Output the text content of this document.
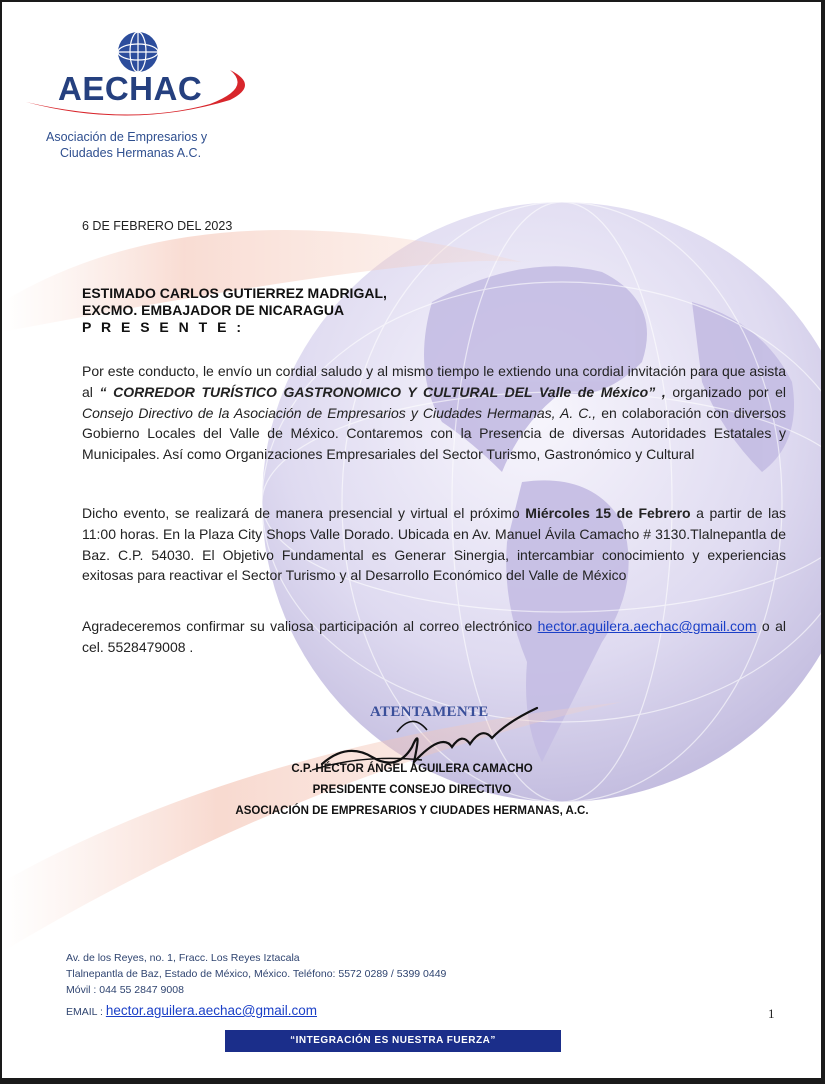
AECHAC
Asociación de Empresarios y
Ciudades Hermanas A.C.
6 DE FEBRERO DEL 2023
ESTIMADO CARLOS GUTIERREZ MADRIGAL,
EXCMO. EMBAJADOR DE NICARAGUA
P R E S E N T E :
Por este conducto, le envío un cordial saludo y al mismo tiempo le extiendo una cordial invitación para que asista al “ CORREDOR TURÍSTICO GASTRONOMICO Y CULTURAL DEL Valle de México” , organizado por el Consejo Directivo de la Asociación de Empresarios y Ciudades Hermanas, A. C., en colaboración con diversos Gobierno Locales del Valle de México. Contaremos con la Presencia de diversas Autoridades Estatales y Municipales. Así como Organizaciones Empresariales del Sector Turismo, Gastronómico y Cultural
Dicho evento, se realizará de manera presencial y virtual el próximo Miércoles 15 de Febrero a partir de las 11:00 horas. En la Plaza City Shops Valle Dorado. Ubicada en Av. Manuel Ávila Camacho # 3130.Tlalnepantla de Baz. C.P. 54030. El Objetivo Fundamental es Generar Sinergia, intercambiar conocimiento y experiencias exitosas para reactivar el Sector Turismo y al Desarrollo Económico del Valle de México
Agradeceremos confirmar su valiosa participación al correo electrónico hector.aguilera.aechac@gmail.com o al cel. 5528479008 .
ATENTAMENTE
C.P. HÉCTOR ÁNGEL AGUILERA CAMACHO
PRESIDENTE CONSEJO DIRECTIVO
ASOCIACIÓN DE EMPRESARIOS Y CIUDADES HERMANAS, A.C.
Av. de los Reyes, no. 1, Fracc. Los Reyes Iztacala
Tlalnepantla de Baz, Estado de México, México. Teléfono: 5572 0289 / 5399 0449
Móvil : 044 55 2847 9008
EMAIL : hector.aguilera.aechac@gmail.com	1
“INTEGRACIÓN ES NUESTRA FUERZA”
